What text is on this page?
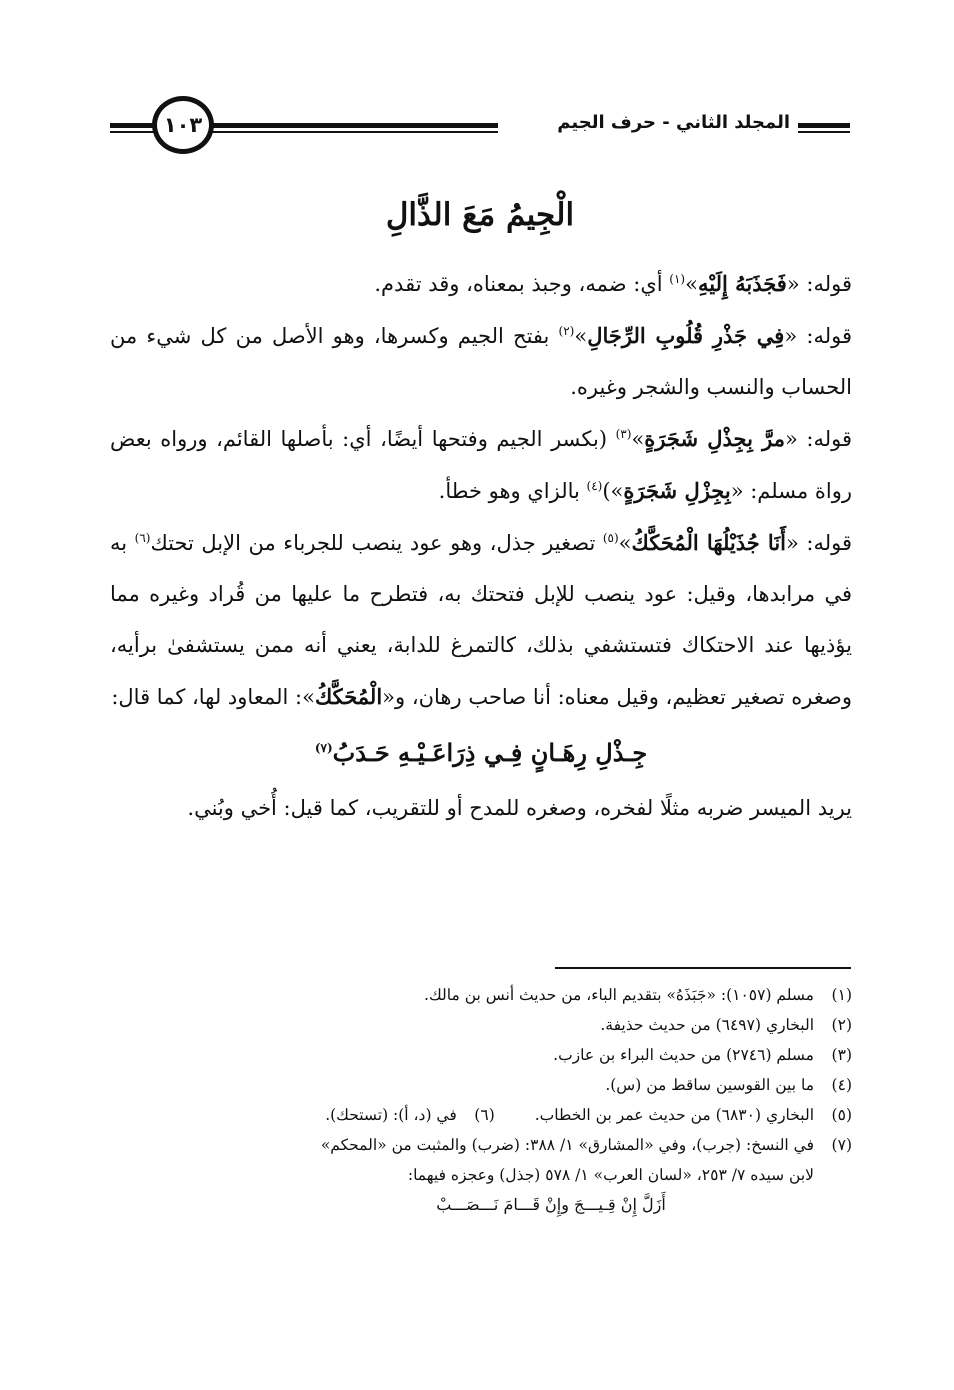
المجلد الثاني - حرف الجيم
١٠٣
الْجِيمُ مَعَ الذَّالِ

قوله: «فَجَذَبَهُ إِلَيْهِ»$^{(١)}$ أي: ضمه، وجبذ بمعناه، وقد تقدم.

قوله: «فِي جَذْرِ قُلُوبِ الرِّجَالِ»$^{(٢)}$ بفتح الجيم وكسرها، وهو الأصل من كل شيء من الحساب والنسب والشجر وغيره.

قوله: «مرَّ بِجِذْلِ شَجَرَةٍ»$^{(٣)}$ (بكسر الجيم وفتحها أيضًا، أي: بأصلها القائم، ورواه بعض رواة مسلم: «بِجِزْلِ شَجَرَةٍ»)$^{(٤)}$ بالزاي وهو خطأ.

قوله: «أَنَا جُذَيْلُهَا الْمُحَكَّكُ»$^{(٥)}$ تصغير جذل، وهو عود ينصب للجرباء من الإبل تحتك$^{(٦)}$ به في مرابدها، وقيل: عود ينصب للإبل فتحتك به، فتطرح ما عليها من قُراد وغيره مما يؤذيها عند الاحتكاك فتستشفي بذلك، كالتمرغ للدابة، يعني أنه ممن يستشفىٰ برأيه، وصغره تصغير تعظيم، وقيل معناه: أنا صاحب رهان، و«الْمُحَكَّكُ»: المعاود لها، كما قال:

جِـذْلِ رِهَـانٍ فِـي ذِرَاعَـيْـهِ حَـدَبُ$^{(٧)}$

يريد الميسر ضربه مثلًا لفخره، وصغره للمدح أو للتقريب، كما قيل: أُخي وبُني.

(١)مسلم (١٠٥٧): «جَبَذَهُ» بتقديم الباء، من حديث أنس بن مالك.

(٢)البخاري (٦٤٩٧) من حديث حذيفة.

(٣)مسلم (٢٧٤٦) من حديث البراء بن عازب.

(٤)ما بين القوسين ساقط من (س).

(٥)البخاري (٦٨٣٠) من حديث عمر بن الخطاب.(٦)في (د، أ): (تستحك).

(٧)في النسخ: (جرب)، وفي «المشارق» ١/ ٣٨٨: (ضرب) والمثبت من «المحكم»

لابن سيده ٧/ ٢٥٣، «لسان العرب» ١/ ٥٧٨ (جذل) وعجزه فيهما:

أَزَلَّ إِنْ قِـيـــجَ وإِنْ قَـــامَ نَـــصَـــبْ
